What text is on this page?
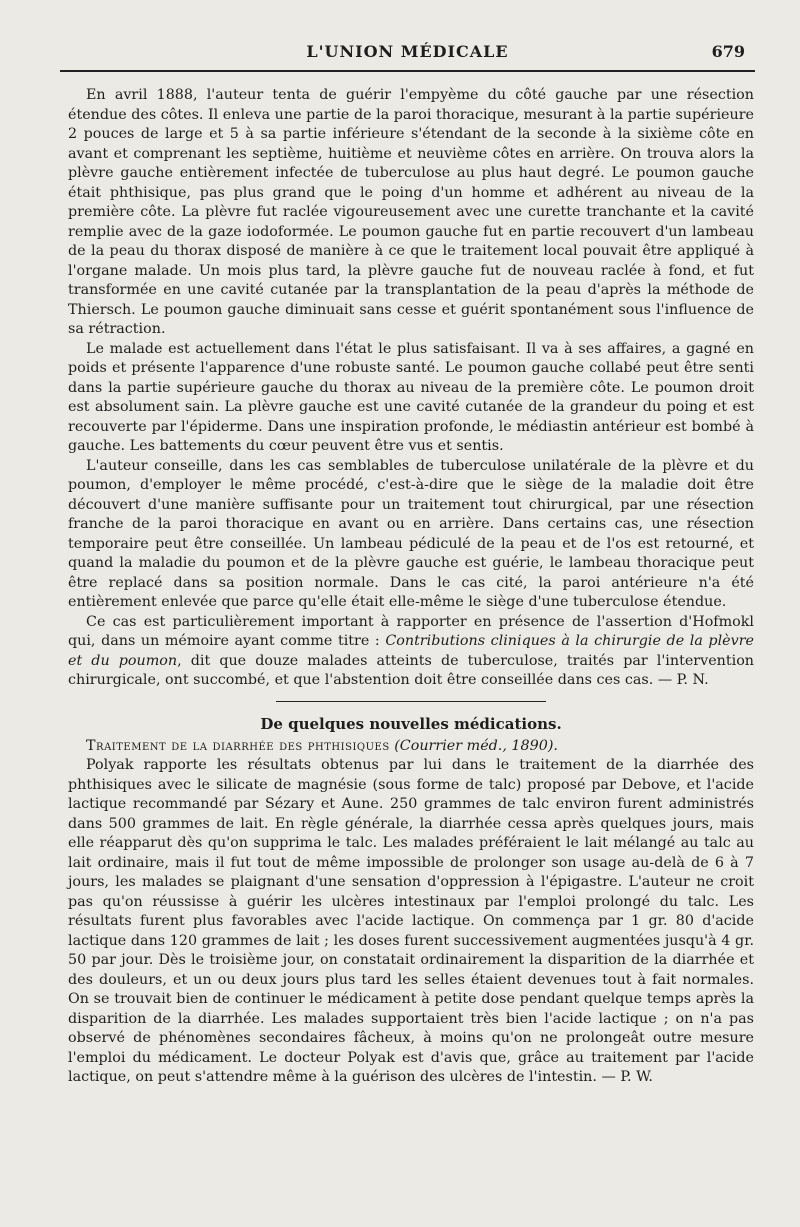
L'UNION MÉDICALE	679

En avril 1888, l'auteur tenta de guérir l'empyème du côté gauche par une résection étendue des côtes. Il enleva une partie de la paroi thoracique, mesurant à la partie supérieure 2 pouces de large et 5 à sa partie inférieure s'étendant de la seconde à la sixième côte en avant et comprenant les septième, huitième et neuvième côtes en arrière. On trouva alors la plèvre gauche entièrement infectée de tuberculose au plus haut degré. Le poumon gauche était phthisique, pas plus grand que le poing d'un homme et adhérent au niveau de la première côte. La plèvre fut raclée vigoureusement avec une curette tranchante et la cavité remplie avec de la gaze iodoformée. Le poumon gauche fut en partie recouvert d'un lambeau de la peau du thorax disposé de manière à ce que le traitement local pouvait être appliqué à l'organe malade. Un mois plus tard, la plèvre gauche fut de nouveau raclée à fond, et fut transformée en une cavité cutanée par la transplantation de la peau d'après la méthode de Thiersch. Le poumon gauche diminuait sans cesse et guérit spontanément sous l'influence de sa rétraction.

Le malade est actuellement dans l'état le plus satisfaisant. Il va à ses affaires, a gagné en poids et présente l'apparence d'une robuste santé. Le poumon gauche collabé peut être senti dans la partie supérieure gauche du thorax au niveau de la première côte. Le poumon droit est absolument sain. La plèvre gauche est une cavité cutanée de la grandeur du poing et est recouverte par l'épiderme. Dans une inspiration profonde, le médiastin antérieur est bombé à gauche. Les battements du cœur peuvent être vus et sentis.

L'auteur conseille, dans les cas semblables de tuberculose unilatérale de la plèvre et du poumon, d'employer le même procédé, c'est-à-dire que le siège de la maladie doit être découvert d'une manière suffisante pour un traitement tout chirurgical, par une résection franche de la paroi thoracique en avant ou en arrière. Dans certains cas, une résection temporaire peut être conseillée. Un lambeau pédiculé de la peau et de l'os est retourné, et quand la maladie du poumon et de la plèvre gauche est guérie, le lambeau thoracique peut être replacé dans sa position normale. Dans le cas cité, la paroi antérieure n'a été entièrement enlevée que parce qu'elle était elle-même le siège d'une tuberculose étendue.

Ce cas est particulièrement important à rapporter en présence de l'assertion d'Hofmokl qui, dans un mémoire ayant comme titre : Contributions cliniques à la chirurgie de la plèvre et du poumon, dit que douze malades atteints de tuberculose, traités par l'intervention chirurgicale, ont succombé, et que l'abstention doit être conseillée dans ces cas. — P. N.

De quelques nouvelles médications.

Traitement de la diarrhée des phthisiques (Courrier méd., 1890).

Polyak rapporte les résultats obtenus par lui dans le traitement de la diarrhée des phthisiques avec le silicate de magnésie (sous forme de talc) proposé par Debove, et l'acide lactique recommandé par Sézary et Aune. 250 grammes de talc environ furent administrés dans 500 grammes de lait. En règle générale, la diarrhée cessa après quelques jours, mais elle réapparut dès qu'on supprima le talc. Les malades préféraient le lait mélangé au talc au lait ordinaire, mais il fut tout de même impossible de prolonger son usage au-delà de 6 à 7 jours, les malades se plaignant d'une sensation d'oppression à l'épigastre. L'auteur ne croit pas qu'on réussisse à guérir les ulcères intestinaux par l'emploi prolongé du talc. Les résultats furent plus favorables avec l'acide lactique. On commença par 1 gr. 80 d'acide lactique dans 120 grammes de lait ; les doses furent successivement augmentées jusqu'à 4 gr. 50 par jour. Dès le troisième jour, on constatait ordinairement la disparition de la diarrhée et des douleurs, et un ou deux jours plus tard les selles étaient devenues tout à fait normales. On se trouvait bien de continuer le médicament à petite dose pendant quelque temps après la disparition de la diarrhée. Les malades supportaient très bien l'acide lactique ; on n'a pas observé de phénomènes secondaires fâcheux, à moins qu'on ne prolongeât outre mesure l'emploi du médicament. Le docteur Polyak est d'avis que, grâce au traitement par l'acide lactique, on peut s'attendre même à la guérison des ulcères de l'intestin. — P. W.
